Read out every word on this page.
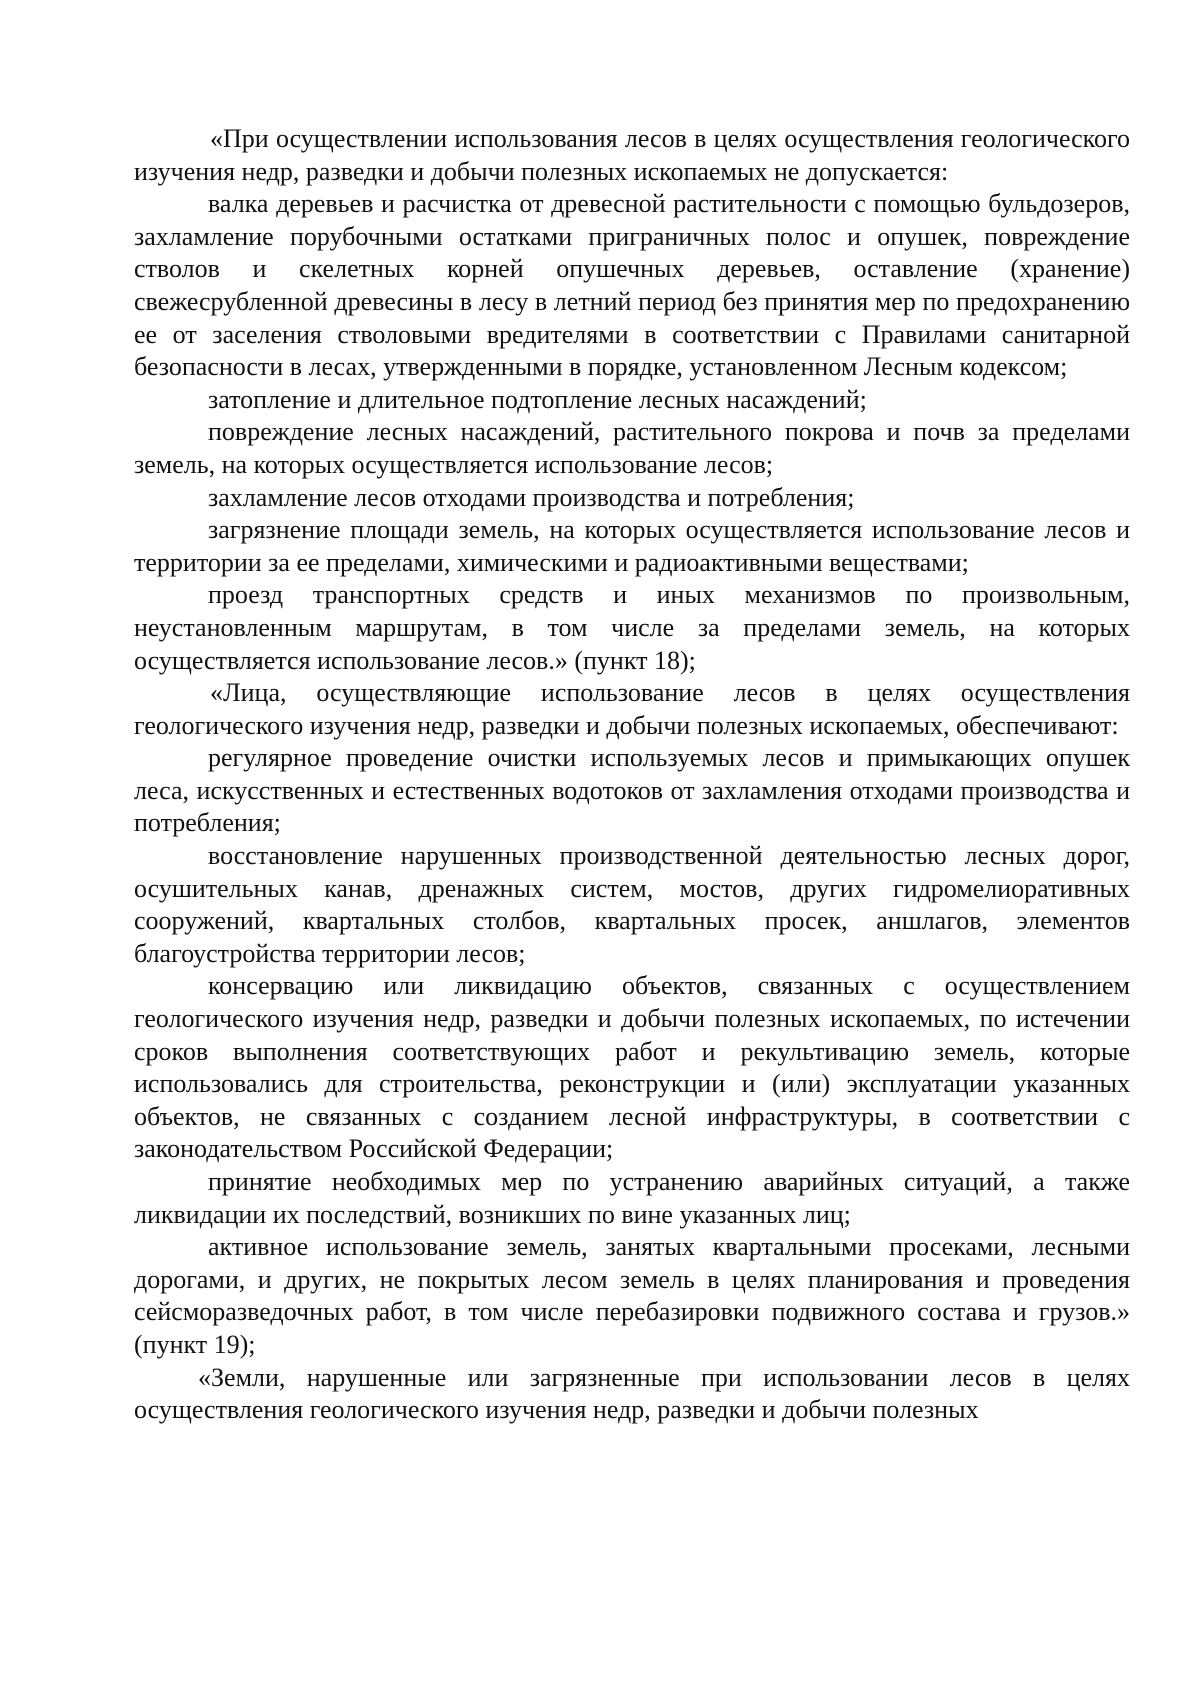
«При осуществлении использования лесов в целях осуществления геологического изучения недр, разведки и добычи полезных ископаемых не допускается:

валка деревьев и расчистка от древесной растительности с помощью бульдозеров, захламление порубочными остатками приграничных полос и опушек, повреждение стволов и скелетных корней опушечных деревьев, оставление (хранение) свежесрубленной древесины в лесу в летний период без принятия мер по предохранению ее от заселения стволовыми вредителями в соответствии с Правилами санитарной безопасности в лесах, утвержденными в порядке, установленном Лесным кодексом;

затопление и длительное подтопление лесных насаждений;

повреждение лесных насаждений, растительного покрова и почв за пределами земель, на которых осуществляется использование лесов;

захламление лесов отходами производства и потребления;

загрязнение площади земель, на которых осуществляется использование лесов и территории за ее пределами, химическими и радиоактивными веществами;

проезд транспортных средств и иных механизмов по произвольным, неустановленным маршрутам, в том числе за пределами земель, на которых осуществляется использование лесов.» (пункт 18);

«Лица, осуществляющие использование лесов в целях осуществления геологического изучения недр, разведки и добычи полезных ископаемых, обеспечивают:

регулярное проведение очистки используемых лесов и примыкающих опушек леса, искусственных и естественных водотоков от захламления отходами производства и потребления;

восстановление нарушенных производственной деятельностью лесных дорог, осушительных канав, дренажных систем, мостов, других гидромелиоративных сооружений, квартальных столбов, квартальных просек, аншлагов, элементов благоустройства территории лесов;

консервацию или ликвидацию объектов, связанных с осуществлением геологического изучения недр, разведки и добычи полезных ископаемых, по истечении сроков выполнения соответствующих работ и рекультивацию земель, которые использовались для строительства, реконструкции и (или) эксплуатации указанных объектов, не связанных с созданием лесной инфраструктуры, в соответствии с законодательством Российской Федерации;

принятие необходимых мер по устранению аварийных ситуаций, а также ликвидации их последствий, возникших по вине указанных лиц;

активное использование земель, занятых квартальными просеками, лесными дорогами, и других, не покрытых лесом земель в целях планирования и проведения сейсморазведочных работ, в том числе перебазировки подвижного состава и грузов.» (пункт 19);

«Земли, нарушенные или загрязненные при использовании лесов в целях осуществления геологического изучения недр, разведки и добычи полезных
